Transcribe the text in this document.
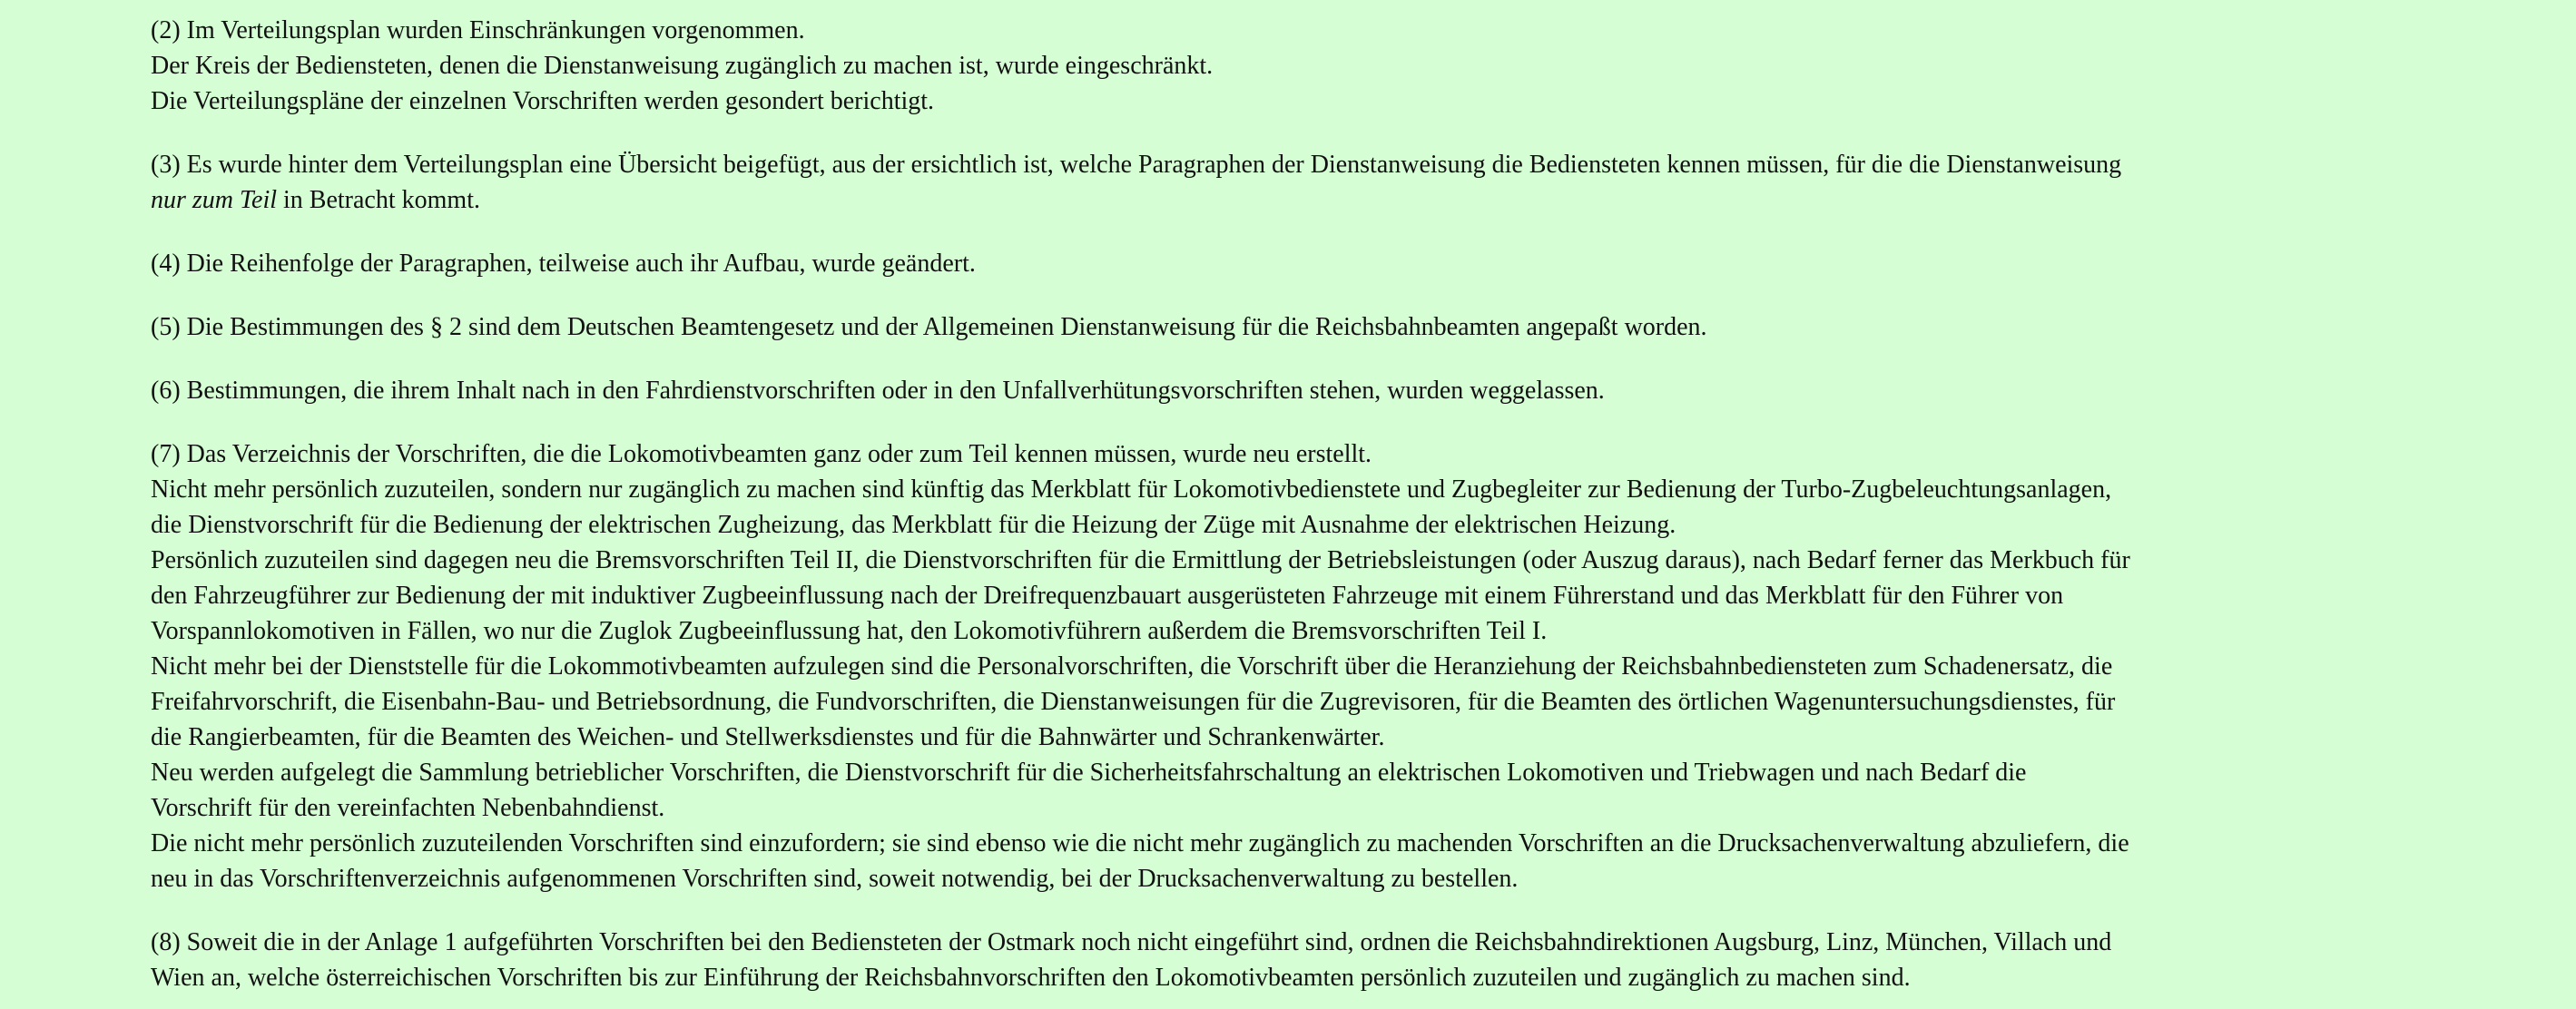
(2) Im Verteilungsplan wurden Einschränkungen vorgenommen.
Der Kreis der Bediensteten, denen die Dienstanweisung zugänglich zu machen ist, wurde eingeschränkt.
Die Verteilungspläne der einzelnen Vorschriften werden gesondert berichtigt.

(3) Es wurde hinter dem Verteilungsplan eine Übersicht beigefügt, aus der ersichtlich ist, welche Paragraphen der Dienstanweisung die Bediensteten kennen müssen, für die die Dienstanweisung
nur zum Teil in Betracht kommt.

(4) Die Reihenfolge der Paragraphen, teilweise auch ihr Aufbau, wurde geändert.

(5) Die Bestimmungen des § 2 sind dem Deutschen Beamtengesetz und der Allgemeinen Dienstanweisung für die Reichsbahnbeamten angepaßt worden.

(6) Bestimmungen, die ihrem Inhalt nach in den Fahrdienstvorschriften oder in den Unfallverhütungsvorschriften stehen, wurden weggelassen.

(7) Das Verzeichnis der Vorschriften, die die Lokomotivbeamten ganz oder zum Teil kennen müssen, wurde neu erstellt.
Nicht mehr persönlich zuzuteilen, sondern nur zugänglich zu machen sind künftig das Merkblatt für Lokomotivbedienstete und Zugbegleiter zur Bedienung der Turbo-Zugbeleuchtungsanlagen,
die Dienstvorschrift für die Bedienung der elektrischen Zugheizung, das Merkblatt für die Heizung der Züge mit Ausnahme der elektrischen Heizung.
Persönlich zuzuteilen sind dagegen neu die Bremsvorschriften Teil II, die Dienstvorschriften für die Ermittlung der Betriebsleistungen (oder Auszug daraus), nach Bedarf ferner das Merkbuch für
den Fahrzeugführer zur Bedienung der mit induktiver Zugbeeinflussung nach der Dreifrequenzbauart ausgerüsteten Fahrzeuge mit einem Führerstand und das Merkblatt für den Führer von
Vorspannlokomotiven in Fällen, wo nur die Zuglok Zugbeeinflussung hat, den Lokomotivführern außerdem die Bremsvorschriften Teil I.
Nicht mehr bei der Dienststelle für die Lokommotivbeamten aufzulegen sind die Personalvorschriften, die Vorschrift über die Heranziehung der Reichsbahnbediensteten zum Schadenersatz, die
Freifahrvorschrift, die Eisenbahn-Bau- und Betriebsordnung, die Fundvorschriften, die Dienstanweisungen für die Zugrevisoren, für die Beamten des örtlichen Wagenuntersuchungsdienstes, für
die Rangierbeamten, für die Beamten des Weichen- und Stellwerksdienstes und für die Bahnwärter und Schrankenwärter.
Neu werden aufgelegt die Sammlung betrieblicher Vorschriften, die Dienstvorschrift für die Sicherheitsfahrschaltung an elektrischen Lokomotiven und Triebwagen und nach Bedarf die
Vorschrift für den vereinfachten Nebenbahndienst.
Die nicht mehr persönlich zuzuteilenden Vorschriften sind einzufordern; sie sind ebenso wie die nicht mehr zugänglich zu machenden Vorschriften an die Drucksachenverwaltung abzuliefern, die
neu in das Vorschriftenverzeichnis aufgenommenen Vorschriften sind, soweit notwendig, bei der Drucksachenverwaltung zu bestellen.

(8) Soweit die in der Anlage 1 aufgeführten Vorschriften bei den Bediensteten der Ostmark noch nicht eingeführt sind, ordnen die Reichsbahndirektionen Augsburg, Linz, München, Villach und
Wien an, welche österreichischen Vorschriften bis zur Einführung der Reichsbahnvorschriften den Lokomotivbeamten persönlich zuzuteilen und zugänglich zu machen sind.
